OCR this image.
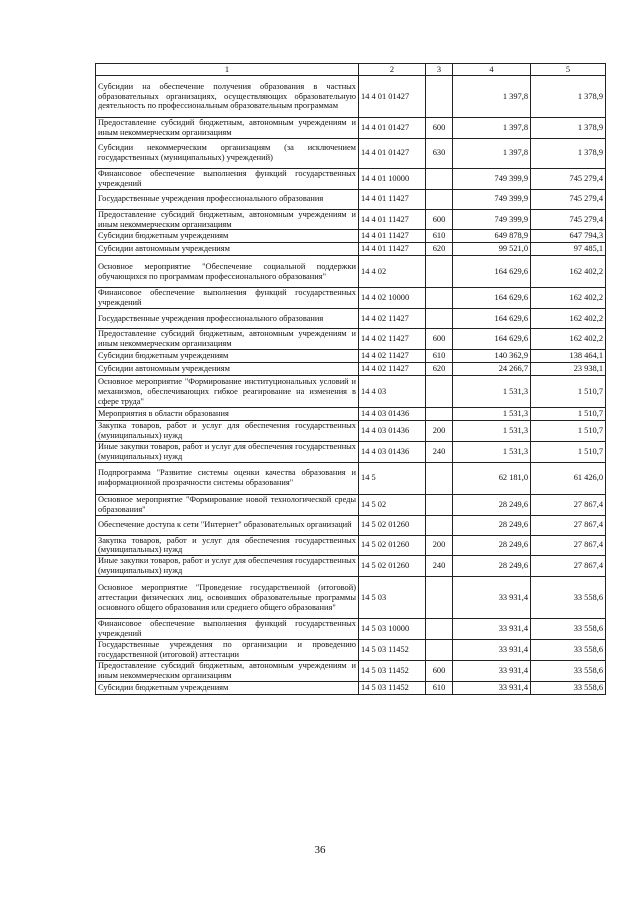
1	2	3	4	5
Субсидии на обеспечение получения образования в частных образовательных организациях, осуществляющих образовательную деятельность по профессиональным образовательным программам	14 4 01 01427		1 397,8	1 378,9
Предоставление субсидий бюджетным, автономным учреждениям и иным некоммерческим организациям	14 4 01 01427	600	1 397,8	1 378,9
Субсидии некоммерческим организациям (за исключением государственных (муниципальных) учреждений)	14 4 01 01427	630	1 397,8	1 378,9
Финансовое обеспечение выполнения функций государственных учреждений	14 4 01 10000		749 399,9	745 279,4
Государственные учреждения профессионального образования	14 4 01 11427		749 399,9	745 279,4
Предоставление субсидий бюджетным, автономным учреждениям и иным некоммерческим организациям	14 4 01 11427	600	749 399,9	745 279,4
Субсидии бюджетным учреждениям	14 4 01 11427	610	649 878,9	647 794,3
Субсидии автономным учреждениям	14 4 01 11427	620	99 521,0	97 485,1
Основное мероприятие "Обеспечение социальной поддержки обучающихся по программам профессионального образования"	14 4 02		164 629,6	162 402,2
Финансовое обеспечение выполнения функций государственных учреждений	14 4 02 10000		164 629,6	162 402,2
Государственные учреждения профессионального образования	14 4 02 11427		164 629,6	162 402,2
Предоставление субсидий бюджетным, автономным учреждениям и иным некоммерческим организациям	14 4 02 11427	600	164 629,6	162 402,2
Субсидии бюджетным учреждениям	14 4 02 11427	610	140 362,9	138 464,1
Субсидии автономным учреждениям	14 4 02 11427	620	24 266,7	23 938,1
Основное мероприятие "Формирование институциональных условий и механизмов, обеспечивающих гибкое реагирование на изменения в сфере труда"	14 4 03		1 531,3	1 510,7
Мероприятия в области образования	14 4 03 01436		1 531,3	1 510,7
Закупка товаров, работ и услуг для обеспечения государственных (муниципальных) нужд	14 4 03 01436	200	1 531,3	1 510,7
Иные закупки товаров, работ и услуг для обеспечения государственных (муниципальных) нужд	14 4 03 01436	240	1 531,3	1 510,7
Подпрограмма "Развитие системы оценки качества образования и информационной прозрачности системы образования"	14 5		62 181,0	61 426,0
Основное мероприятие "Формирование новой технологической среды образования"	14 5 02		28 249,6	27 867,4
Обеспечение доступа к сети "Интернет" образовательных организаций	14 5 02 01260		28 249,6	27 867,4
Закупка товаров, работ и услуг для обеспечения государственных (муниципальных) нужд	14 5 02 01260	200	28 249,6	27 867,4
Иные закупки товаров, работ и услуг для обеспечения государственных (муниципальных) нужд	14 5 02 01260	240	28 249,6	27 867,4
Основное мероприятие "Проведение государственной (итоговой) аттестации физических лиц, освоивших образовательные программы основного общего образования или среднего общего образования"	14 5 03		33 931,4	33 558,6
Финансовое обеспечение выполнения функций государственных учреждений	14 5 03 10000		33 931,4	33 558,6
Государственные учреждения по организации и проведению государственной (итоговой) аттестации	14 5 03 11452		33 931,4	33 558,6
Предоставление субсидий бюджетным, автономным учреждениям и иным некоммерческим организациям	14 5 03 11452	600	33 931,4	33 558,6
Субсидии бюджетным учреждениям	14 5 03 11452	610	33 931,4	33 558,6
36
